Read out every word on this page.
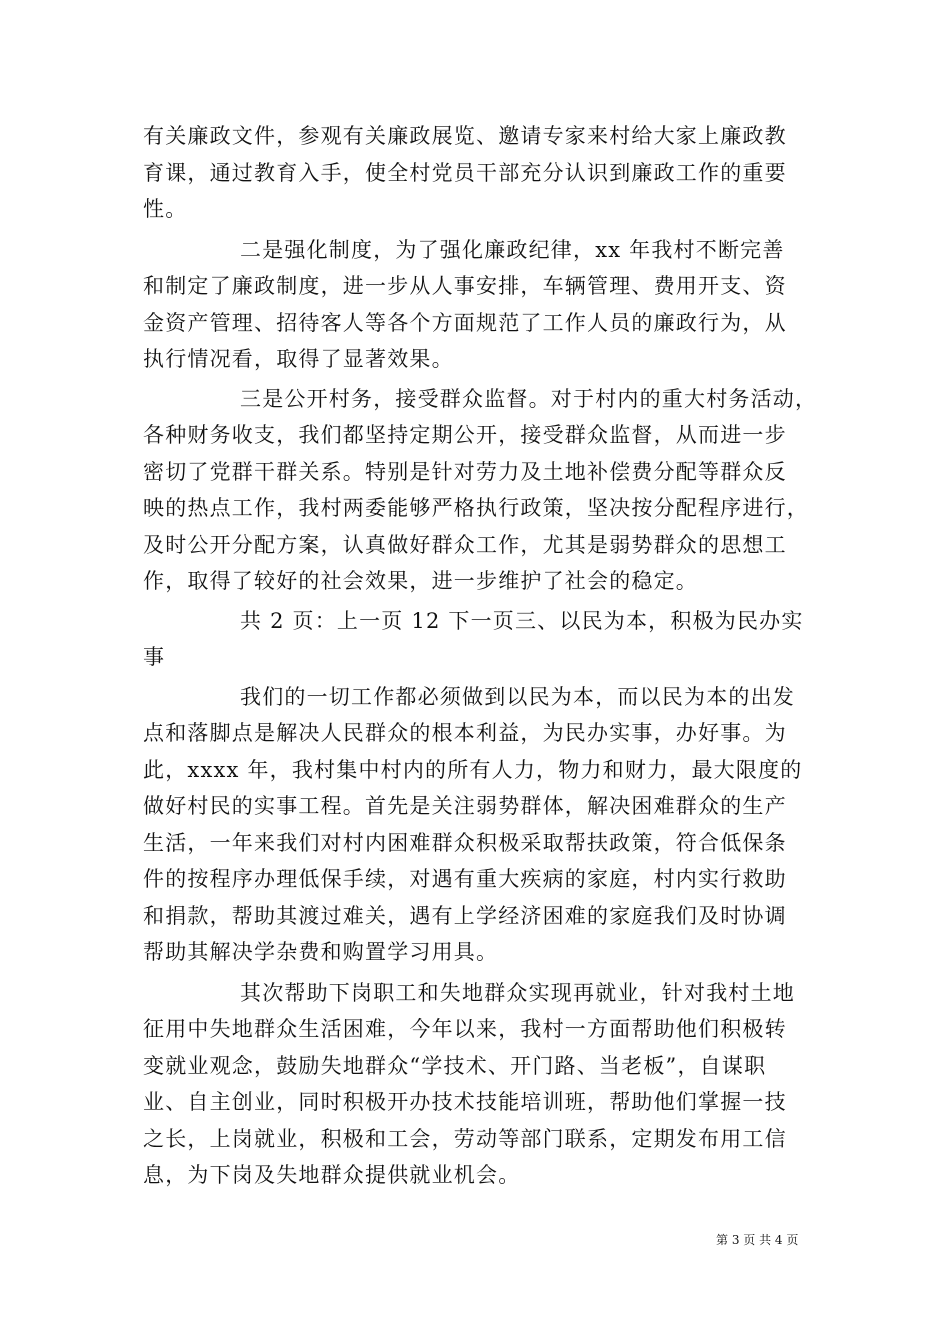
有关廉政文件，参观有关廉政展览、邀请专家来村给大家上廉政教
育课，通过教育入手，使全村党员干部充分认识到廉政工作的重要
性。
二是强化制度，为了强化廉政纪律，xx 年我村不断完善
和制定了廉政制度，进一步从人事安排，车辆管理、费用开支、资
金资产管理、招待客人等各个方面规范了工作人员的廉政行为，从
执行情况看，取得了显著效果。
三是公开村务，接受群众监督。对于村内的重大村务活动，
各种财务收支，我们都坚持定期公开，接受群众监督，从而进一步
密切了党群干群关系。特别是针对劳力及土地补偿费分配等群众反
映的热点工作，我村两委能够严格执行政策，坚决按分配程序进行，
及时公开分配方案，认真做好群众工作，尤其是弱势群众的思想工
作，取得了较好的社会效果，进一步维护了社会的稳定。
共 2 页：上一页 12 下一页三、以民为本，积极为民办实
事
我们的一切工作都必须做到以民为本，而以民为本的出发
点和落脚点是解决人民群众的根本利益，为民办实事，办好事。为
此，xxxx 年，我村集中村内的所有人力，物力和财力，最大限度的
做好村民的实事工程。首先是关注弱势群体，解决困难群众的生产
生活，一年来我们对村内困难群众积极采取帮扶政策，符合低保条
件的按程序办理低保手续，对遇有重大疾病的家庭，村内实行救助
和捐款，帮助其渡过难关，遇有上学经济困难的家庭我们及时协调
帮助其解决学杂费和购置学习用具。
其次帮助下岗职工和失地群众实现再就业，针对我村土地
征用中失地群众生活困难，今年以来，我村一方面帮助他们积极转
变就业观念，鼓励失地群众“学技术、开门路、当老板”，自谋职
业、自主创业，同时积极开办技术技能培训班，帮助他们掌握一技
之长，上岗就业，积极和工会，劳动等部门联系，定期发布用工信
息，为下岗及失地群众提供就业机会。
第 3 页 共 4 页
